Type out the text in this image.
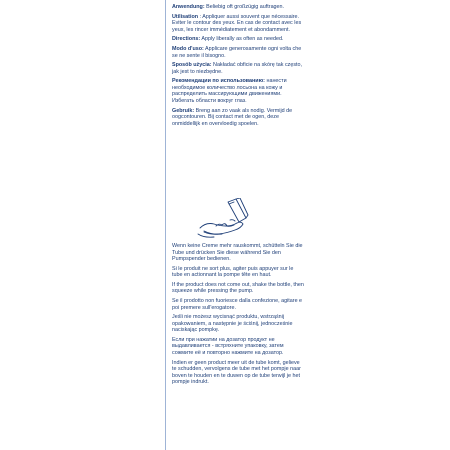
Anwendung: Beliebig oft großzügig auftragen.

Utilisation : Appliquer aussi souvent que nécessaire. Eviter le contour des yeux. En cas de contact avec les yeux, les rincer immédiatement et abondamment.

Directions: Apply liberally as often as needed.

Modo d'uso: Applicare generosamente ogni volta che se ne sente il bisogno.

Sposób użycia: Nakładać obficie na skórę tak często, jak jest to niezbędne.

Рекомендации по использованию: нанести необходимое количество лосьона на кожу и распределить массирующими движениями. Избегать области вокруг глаз.

Gebruik: Breng aan zo vaak als nodig. Vermijd de oogcontouren. Bij contact met de ogen, deze onmiddellijk en overvloedig spoelen.

Wenn keine Creme mehr rauskommt, schütteln Sie die Tube und drücken Sie diese während Sie den Pumpspender bedienen.

Si le produit ne sort plus, agiter puis appuyer sur le tube en actionnant la pompe tête en haut.

If the product does not come out, shake the bottle, then squeeze while pressing the pump.

Se il prodotto non fuoriesce dalla confezione, agitare e poi premere sull'erogatore.

Jeśli nie możesz wycisnąć produktu, wstrząśnij opakowaniem, a następnie je ściśnij, jednocześnie naciskając pompkę.

Если при нажатии на дозатор продукт не выдавливается - встряхните упаковку, затем сожмите её и повторно нажмите на дозатор.

Indien er geen product meer uit de tube komt, gelieve te schudden, vervolgens de tube met het pompje naar boven te houden en te duwen op de tube terwijl je het pompje indrukt.
